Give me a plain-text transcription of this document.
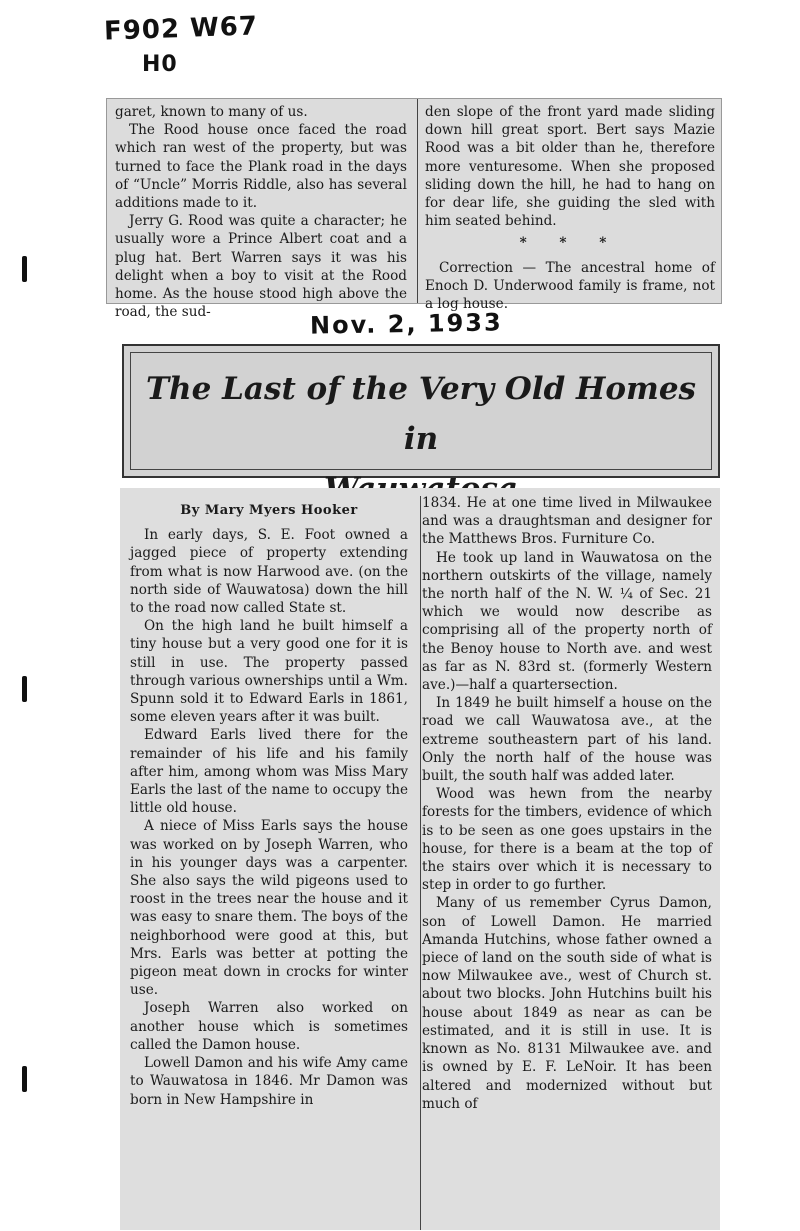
F902 W67
H0

garet, known to many of us.

The Rood house once faced the road which ran west of the property, but was turned to face the Plank road in the days of “Uncle” Morris Riddle, also has several additions made to it.

Jerry G. Rood was quite a character; he usually wore a Prince Albert coat and a plug hat. Bert Warren says it was his delight when a boy to visit at the Rood home. As the house stood high above the road, the sud-

den slope of the front yard made sliding down hill great sport. Bert says Mazie Rood was a bit older than he, therefore more venturesome. When she proposed sliding down the hill, he had to hang on for dear life, she guiding the sled with him seated behind.

* * *

Correction — The ancestral home of Enoch D. Underwood family is frame, not a log house.

Nov. 2, 1933
The Last of the Very Old Homes in
By Mary Myers Hooker

In early days, S. E. Foot owned a jagged piece of property extending from what is now Harwood ave. (on the north side of Wauwatosa) down the hill to the road now called State st.

On the high land he built himself a tiny house but a very good one for it is still in use. The property passed through various ownerships until a Wm. Spunn sold it to Edward Earls in 1861, some eleven years after it was built.

Edward Earls lived there for the remainder of his life and his family after him, among whom was Miss Mary Earls the last of the name to occupy the little old house.

A niece of Miss Earls says the house was worked on by Joseph Warren, who in his younger days was a carpenter. She also says the wild pigeons used to roost in the trees near the house and it was easy to snare them. The boys of the neighborhood were good at this, but Mrs. Earls was better at potting the pigeon meat down in crocks for winter use.

Joseph Warren also worked on another house which is sometimes called the Damon house.

Lowell Damon and his wife Amy came to Wauwatosa in 1846. Mr Damon was born in New Hampshire in

1834. He at one time lived in Milwaukee and was a draughtsman and designer for the Matthews Bros. Furniture Co.

He took up land in Wauwatosa on the northern outskirts of the village, namely the north half of the N. W. ¼ of Sec. 21 which we would now describe as comprising all of the property north of the Benoy house to North ave. and west as far as N. 83rd st. (formerly Western ave.)—half a quartersection.

In 1849 he built himself a house on the road we call Wauwatosa ave., at the extreme southeastern part of his land. Only the north half of the house was built, the south half was added later.

Wood was hewn from the nearby forests for the timbers, evidence of which is to be seen as one goes upstairs in the house, for there is a beam at the top of the stairs over which it is necessary to step in order to go further.

Many of us remember Cyrus Damon, son of Lowell Damon. He married Amanda Hutchins, whose father owned a piece of land on the south side of what is now Milwaukee ave., west of Church st. about two blocks. John Hutchins built his house about 1849 as near as can be estimated, and it is still in use. It is known as No. 8131 Milwaukee ave. and is owned by E. F. LeNoir. It has been altered and modernized without but much of
